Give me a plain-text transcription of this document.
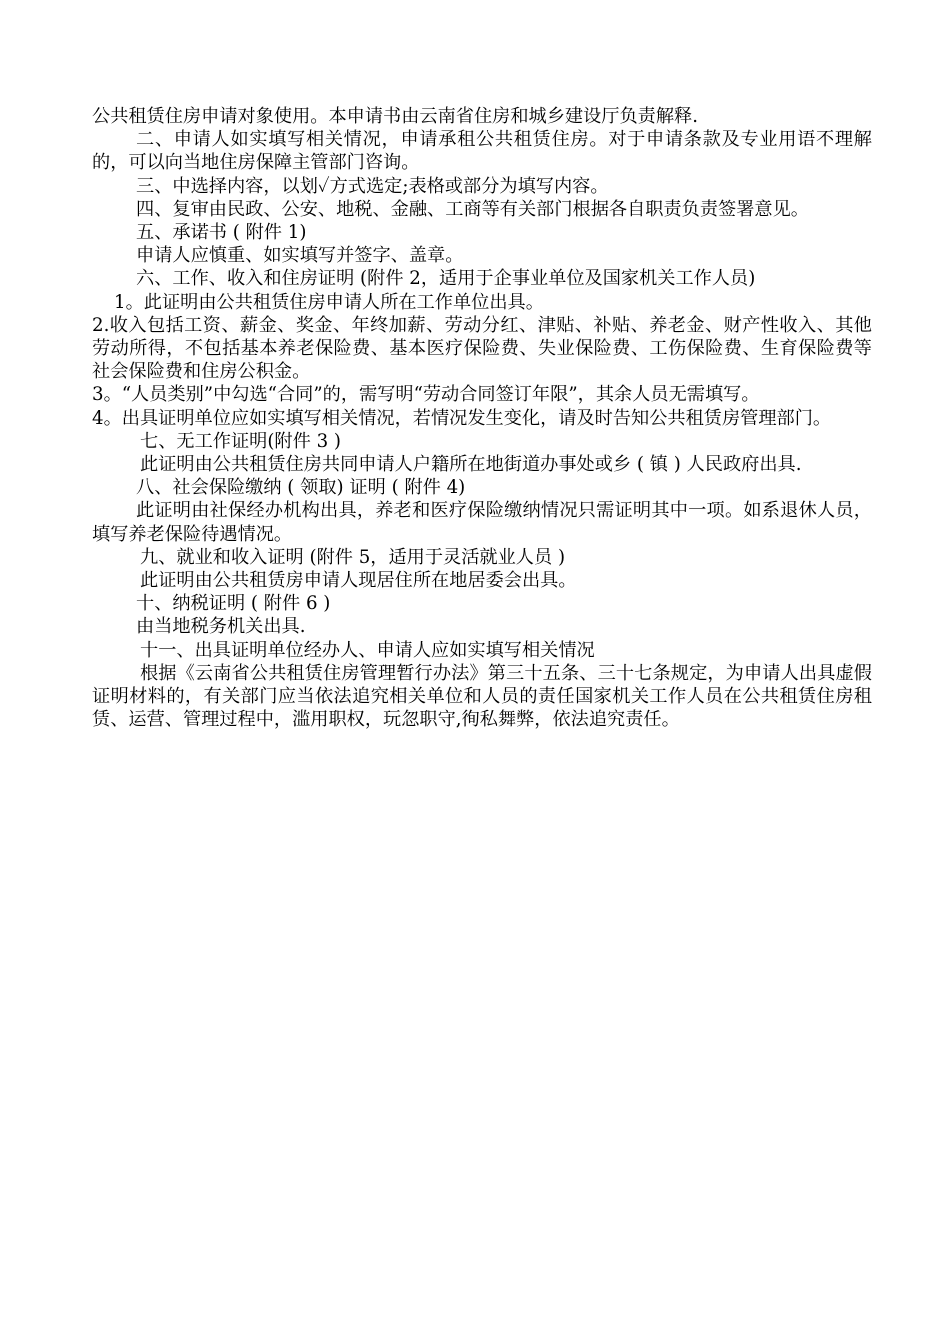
公共租赁住房申请对象使用。本申请书由云南省住房和城乡建设厅负责解释.

二、申请人如实填写相关情况，申请承租公共租赁住房。对于申请条款及专业用语不理解的，可以向当地住房保障主管部门咨询。

三、中选择内容，以划✓方式选定;表格或部分为填写内容。

四、复审由民政、公安、地税、金融、工商等有关部门根据各自职责负责签署意见。

五、承诺书 ( 附件 1)

申请人应慎重、如实填写并签字、盖章。

六、工作、收入和住房证明 (附件 2，适用于企事业单位及国家机关工作人员)

1。此证明由公共租赁住房申请人所在工作单位出具。

2.收入包括工资、薪金、奖金、年终加薪、劳动分红、津贴、补贴、养老金、财产性收入、其他劳动所得，不包括基本养老保险费、基本医疗保险费、失业保险费、工伤保险费、生育保险费等社会保险费和住房公积金。

3。“人员类别”中勾选“合同”的，需写明“劳动合同签订年限”，其余人员无需填写。

4。出具证明单位应如实填写相关情况，若情况发生变化，请及时告知公共租赁房管理部门。

七、无工作证明(附件 3 )

此证明由公共租赁住房共同申请人户籍所在地街道办事处或乡 ( 镇 ) 人民政府出具.

八、社会保险缴纳 ( 领取) 证明 ( 附件 4)

此证明由社保经办机构出具，养老和医疗保险缴纳情况只需证明其中一项。如系退休人员，填写养老保险待遇情况。

九、就业和收入证明 (附件 5，适用于灵活就业人员 )

此证明由公共租赁房申请人现居住所在地居委会出具。

十、纳税证明 ( 附件 6 )

由当地税务机关出具.

十一、出具证明单位经办人、申请人应如实填写相关情况

根据《云南省公共租赁住房管理暂行办法》第三十五条、三十七条规定，为申请人出具虚假证明材料的，有关部门应当依法追究相关单位和人员的责任国家机关工作人员在公共租赁住房租赁、运营、管理过程中，滥用职权，玩忽职守,徇私舞弊，依法追究责任。
